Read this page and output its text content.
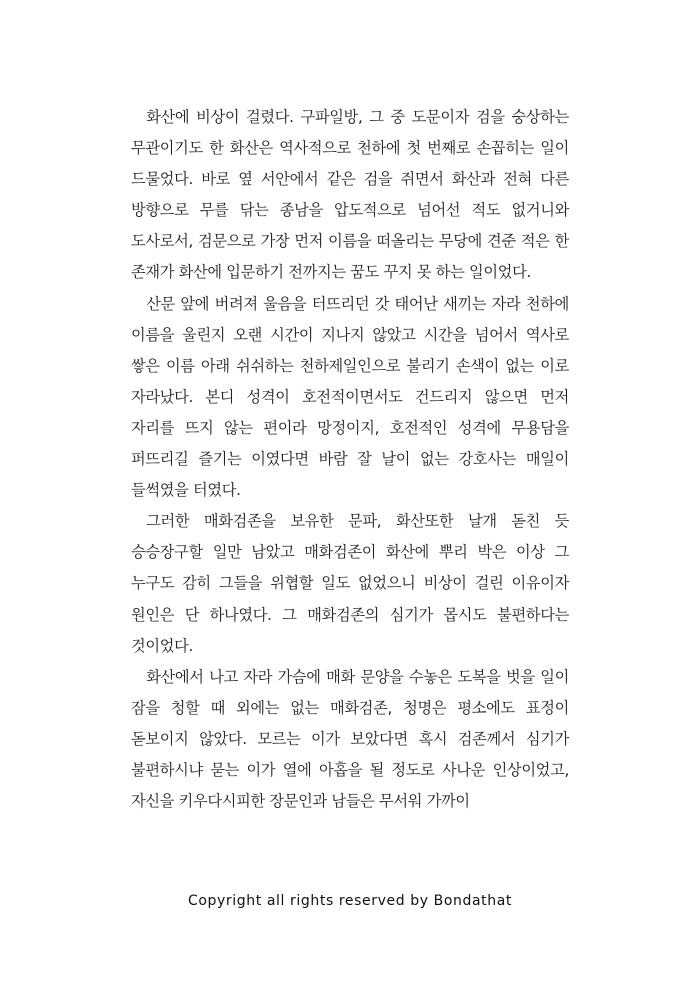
화산에 비상이 걸렸다. 구파일방, 그 중 도문이자 검을 숭상하는 무관이기도 한 화산은 역사적으로 천하에 첫 번째로 손꼽히는 일이 드물었다. 바로 옆 서안에서 같은 검을 쥐면서 화산과 전혀 다른 방향으로 무를 닦는 종남을 압도적으로 넘어선 적도 없거니와 도사로서, 검문으로 가장 먼저 이름을 떠올리는 무당에 견준 적은 한 존재가 화산에 입문하기 전까지는 꿈도 꾸지 못 하는 일이었다.

산문 앞에 버려져 울음을 터뜨리던 갓 태어난 새끼는 자라 천하에 이름을 울린지 오랜 시간이 지나지 않았고 시간을 넘어서 역사로 쌓은 이름 아래 쉬쉬하는 천하제일인으로 불리기 손색이 없는 이로 자라났다. 본디 성격이 호전적이면서도 건드리지 않으면 먼저 자리를 뜨지 않는 편이라 망정이지, 호전적인 성격에 무용담을 퍼뜨리길 즐기는 이였다면 바람 잘 날이 없는 강호사는 매일이 들썩였을 터였다.

그러한 매화검존을 보유한 문파, 화산또한 날개 돋친 듯 승승장구할 일만 남았고 매화검존이 화산에 뿌리 박은 이상 그 누구도 감히 그들을 위협할 일도 없었으니 비상이 걸린 이유이자 원인은 단 하나였다. 그 매화검존의 심기가 몹시도 불편하다는 것이었다.

화산에서 나고 자라 가슴에 매화 문양을 수놓은 도복을 벗을 일이 잠을 청할 때 외에는 없는 매화검존, 청명은 평소에도 표정이 돋보이지 않았다. 모르는 이가 보았다면 혹시 검존께서 심기가 불편하시냐 묻는 이가 열에 아홉을 될 정도로 사나운 인상이었고, 자신을 키우다시피한 장문인과 남들은 무서워 가까이

Copyright all rights reserved by Bondathat
